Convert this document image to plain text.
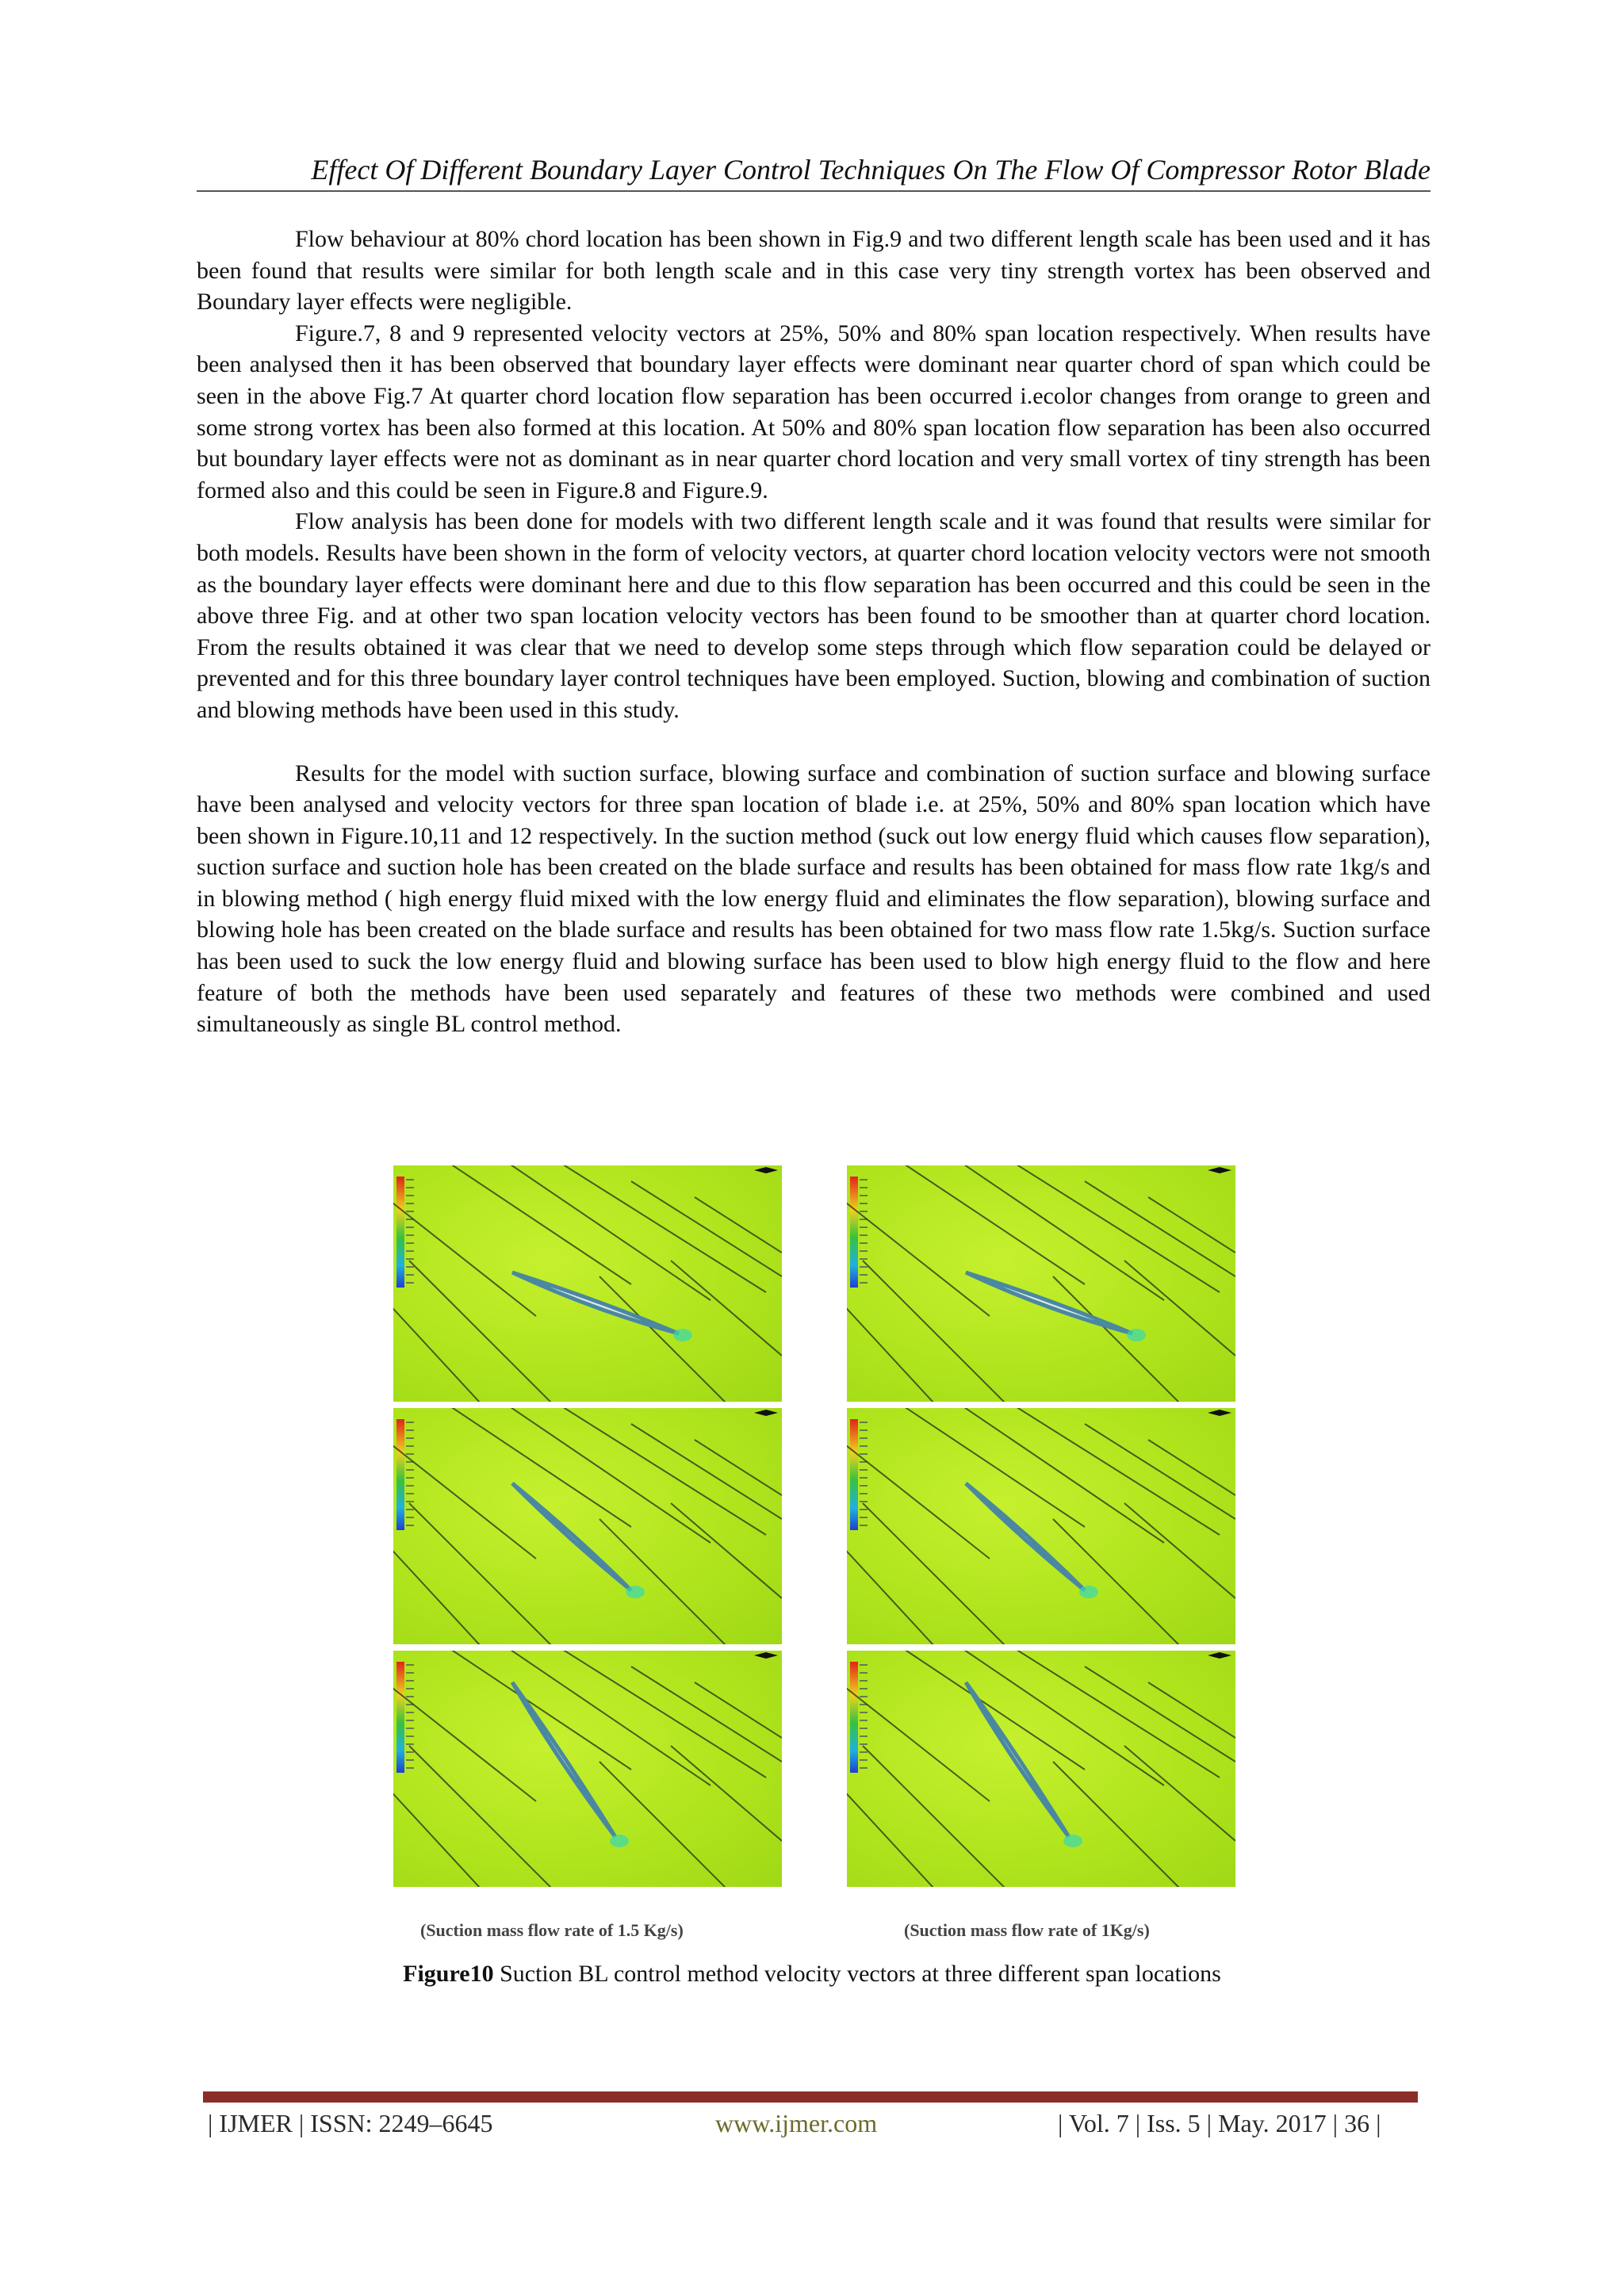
Effect Of Different Boundary Layer Control Techniques On The Flow Of Compressor Rotor Blade

Flow behaviour at 80% chord location has been shown in Fig.9 and two different length scale has been used and it has been found that results were similar for both length scale and in this case very tiny strength vortex has been observed and Boundary layer effects were negligible.

Figure.7, 8 and 9 represented velocity vectors at 25%, 50% and 80% span location respectively. When results have been analysed then it has been observed that boundary layer effects were dominant near quarter chord of span which could be seen in the above Fig.7 At quarter chord location flow separation has been occurred i.ecolor changes from orange to green and some strong vortex has been also formed at this location. At 50% and 80% span location flow separation has been also occurred but boundary layer effects were not as dominant as in near quarter chord location and very small vortex of tiny strength has been formed also and this could be seen in Figure.8 and Figure.9.

Flow analysis has been done for models with two different length scale and it was found that results were similar for both models. Results have been shown in the form of velocity vectors, at quarter chord location velocity vectors were not smooth as the boundary layer effects were dominant here and due to this flow separation has been occurred and this could be seen in the above three Fig. and at other two span location velocity vectors has been found to be smoother than at quarter chord location. From the results obtained it was clear that we need to develop some steps through which flow separation could be delayed or prevented and for this three boundary layer control techniques have been employed. Suction, blowing and combination of suction and blowing methods have been used in this study.

Results for the model with suction surface, blowing surface and combination of suction surface and blowing surface have been analysed and velocity vectors for three span location of blade i.e. at 25%, 50% and 80% span location which have been shown in Figure.10,11 and 12 respectively. In the suction method (suck out low energy fluid which causes flow separation), suction surface and suction hole has been created on the blade surface and results has been obtained for mass flow rate 1kg/s and in blowing method ( high energy fluid mixed with the low energy fluid and eliminates the flow separation), blowing surface and blowing hole has been created on the blade surface and results has been obtained for two mass flow rate 1.5kg/s. Suction surface has been used to suck the low energy fluid and blowing surface has been used to blow high energy fluid to the flow and here feature of both the methods have been used separately and features of these two methods were combined and used simultaneously as single BL control method.

(Suction mass flow rate of 1.5 Kg/s)	(Suction mass flow rate of 1Kg/s)
Figure10 Suction BL control method velocity vectors at three different span locations
| IJMER | ISSN: 2249–6645	www.ijmer.com	| Vol. 7 | Iss. 5 | May. 2017 | 36 |
